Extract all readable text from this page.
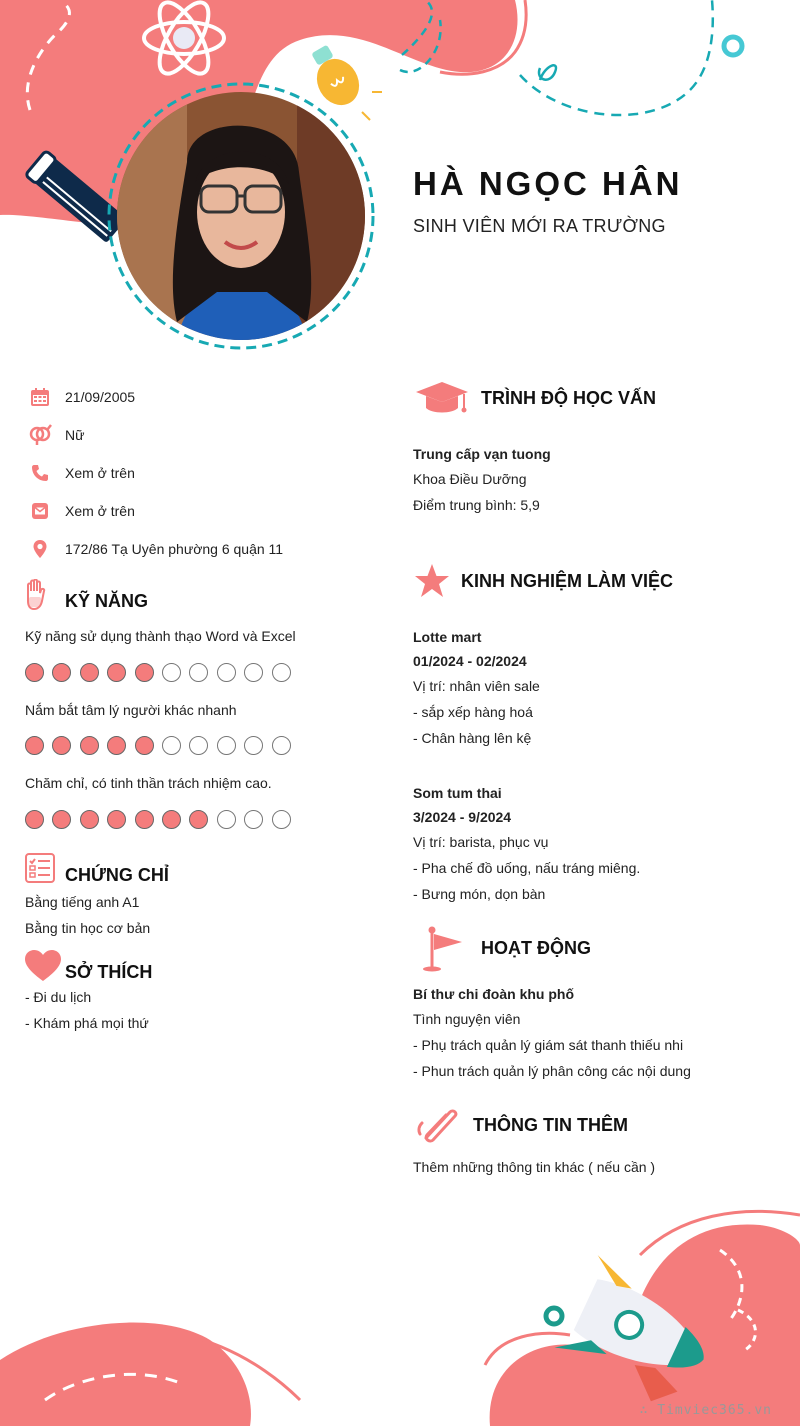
HÀ NGỌC HÂN
SINH VIÊN MỚI RA TRƯỜNG
21/09/2005
Nữ
Xem ở trên
Xem ở trên
172/86 Tạ Uyên phường 6 quận 11
KỸ NĂNG
Kỹ năng sử dụng thành thạo Word và Excel
Nắm bắt tâm lý người khác nhanh
Chăm chỉ, có tinh thần trách nhiệm cao.
CHỨNG CHỈ
Bằng tiếng anh A1
Bằng tin học cơ bản
SỞ THÍCH
- Đi du lịch
- Khám phá mọi thứ
TRÌNH ĐỘ HỌC VẤN
Trung cấp vạn tuong
Khoa Điều Dưỡng
Điểm trung bình: 5,9
KINH NGHIỆM LÀM VIỆC
Lotte mart
01/2024 - 02/2024
Vị trí: nhân viên sale
- sắp xếp hàng hoá
- Chân hàng lên kệ
Som tum thai
3/2024 - 9/2024
Vị trí: barista, phục vụ
- Pha chế đồ uống, nấu tráng miêng.
- Bưng món, dọn bàn
HOẠT ĐỘNG
Bí thư chi đoàn khu phố
Tình nguyện viên
- Phụ trách quản lý giám sát thanh thiếu nhi
- Phun trách quản lý phân công các nội dung
THÔNG TIN THÊM
Thêm những thông tin khác ( nếu cần )
∴ Timviec365.vn
